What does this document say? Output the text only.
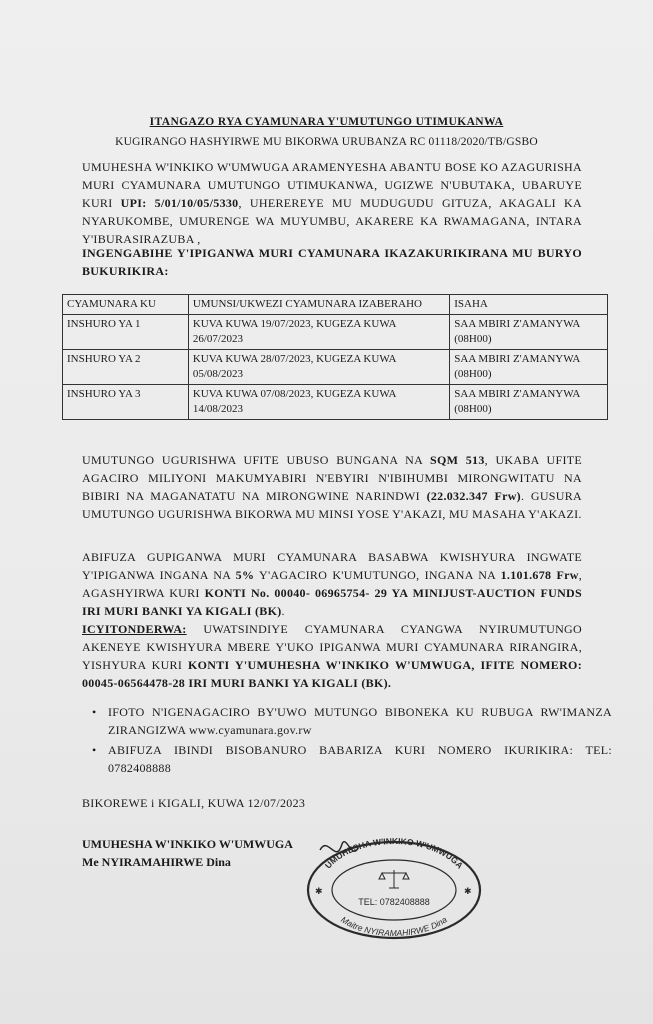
ITANGAZO RYA CYAMUNARA Y'UMUTUNGO UTIMUKANWA
KUGIRANGO HASHYIRWE MU BIKORWA URUBANZA RC 01118/2020/TB/GSBO
UMUHESHA W'INKIKO W'UMWUGA ARAMENYESHA ABANTU BOSE KO AZAGURISHA MURI CYAMUNARA UMUTUNGO UTIMUKANWA, UGIZWE N'UBUTAKA, UBARUYE KURI UPI: 5/01/10/05/5330, UHEREREYE MU MUDUGUDU GITUZA, AKAGALI KA NYARUKOMBE, UMURENGE WA MUYUMBU, AKARERE KA RWAMAGANA, INTARA Y'IBURASIRAZUBA ,
INGENGABIHE Y'IPIGANWA MURI CYAMUNARA IKAZAKURIKIRANA MU BURYO BUKURIKIRA:
CYAMUNARA KU	UMUNSI/UKWEZI CYAMUNARA IZABERAHO	ISAHA
INSHURO YA 1	KUVA KUWA 19/07/2023, KUGEZA KUWA 26/07/2023	SAA MBIRI Z'AMANYWA (08H00)
INSHURO YA 2	KUVA KUWA 28/07/2023, KUGEZA KUWA 05/08/2023	SAA MBIRI Z'AMANYWA (08H00)
INSHURO YA 3	KUVA KUWA 07/08/2023, KUGEZA KUWA 14/08/2023	SAA MBIRI Z'AMANYWA (08H00)
UMUTUNGO UGURISHWA UFITE UBUSO BUNGANA NA SQM 513, UKABA UFITE AGACIRO MILIYONI MAKUMYABIRI N'EBYIRI N'IBIHUMBI MIRONGWITATU NA BIBIRI NA MAGANATATU NA MIRONGWINE NARINDWI (22.032.347 Frw). GUSURA UMUTUNGO UGURISHWA BIKORWA MU MINSI YOSE Y'AKAZI, MU MASAHA Y'AKAZI.
ABIFUZA GUPIGANWA MURI CYAMUNARA BASABWA KWISHYURA INGWATE Y'IPIGANWA INGANA NA 5% Y'AGACIRO K'UMUTUNGO, INGANA NA 1.101.678 Frw, AGASHYIRWA KURI KONTI No. 00040- 06965754- 29 YA MINIJUST-AUCTION FUNDS IRI MURI BANKI YA KIGALI (BK).
ICYITONDERWA: UWATSINDIYE CYAMUNARA CYANGWA NYIRUMUTUNGO AKENEYE KWISHYURA MBERE Y'UKO IPIGANWA MURI CYAMUNARA RIRANGIRA, YISHYURA KURI KONTI Y'UMUHESHA W'INKIKO W'UMWUGA, IFITE NOMERO: 00045-06564478-28 IRI MURI BANKI YA KIGALI (BK).
• IFOTO N'IGENAGACIRO BY'UWO MUTUNGO BIBONEKA KU RUBUGA RW'IMANZA ZIRANGIZWA www.cyamunara.gov.rw
• ABIFUZA IBINDI BISOBANURO BABARIZA KURI NOMERO IKURIKIRA: TEL: 0782408888
BIKOREWE i KIGALI, KUWA 12/07/2023
UMUHESHA W'INKIKO W'UMWUGA
Me NYIRAMAHIRWE Dina	UMUHESHA W'INKIKO W'UMWUGA
Maitre NYIRAMAHIRWE Dina
✱	✱
TEL: 0782408888
